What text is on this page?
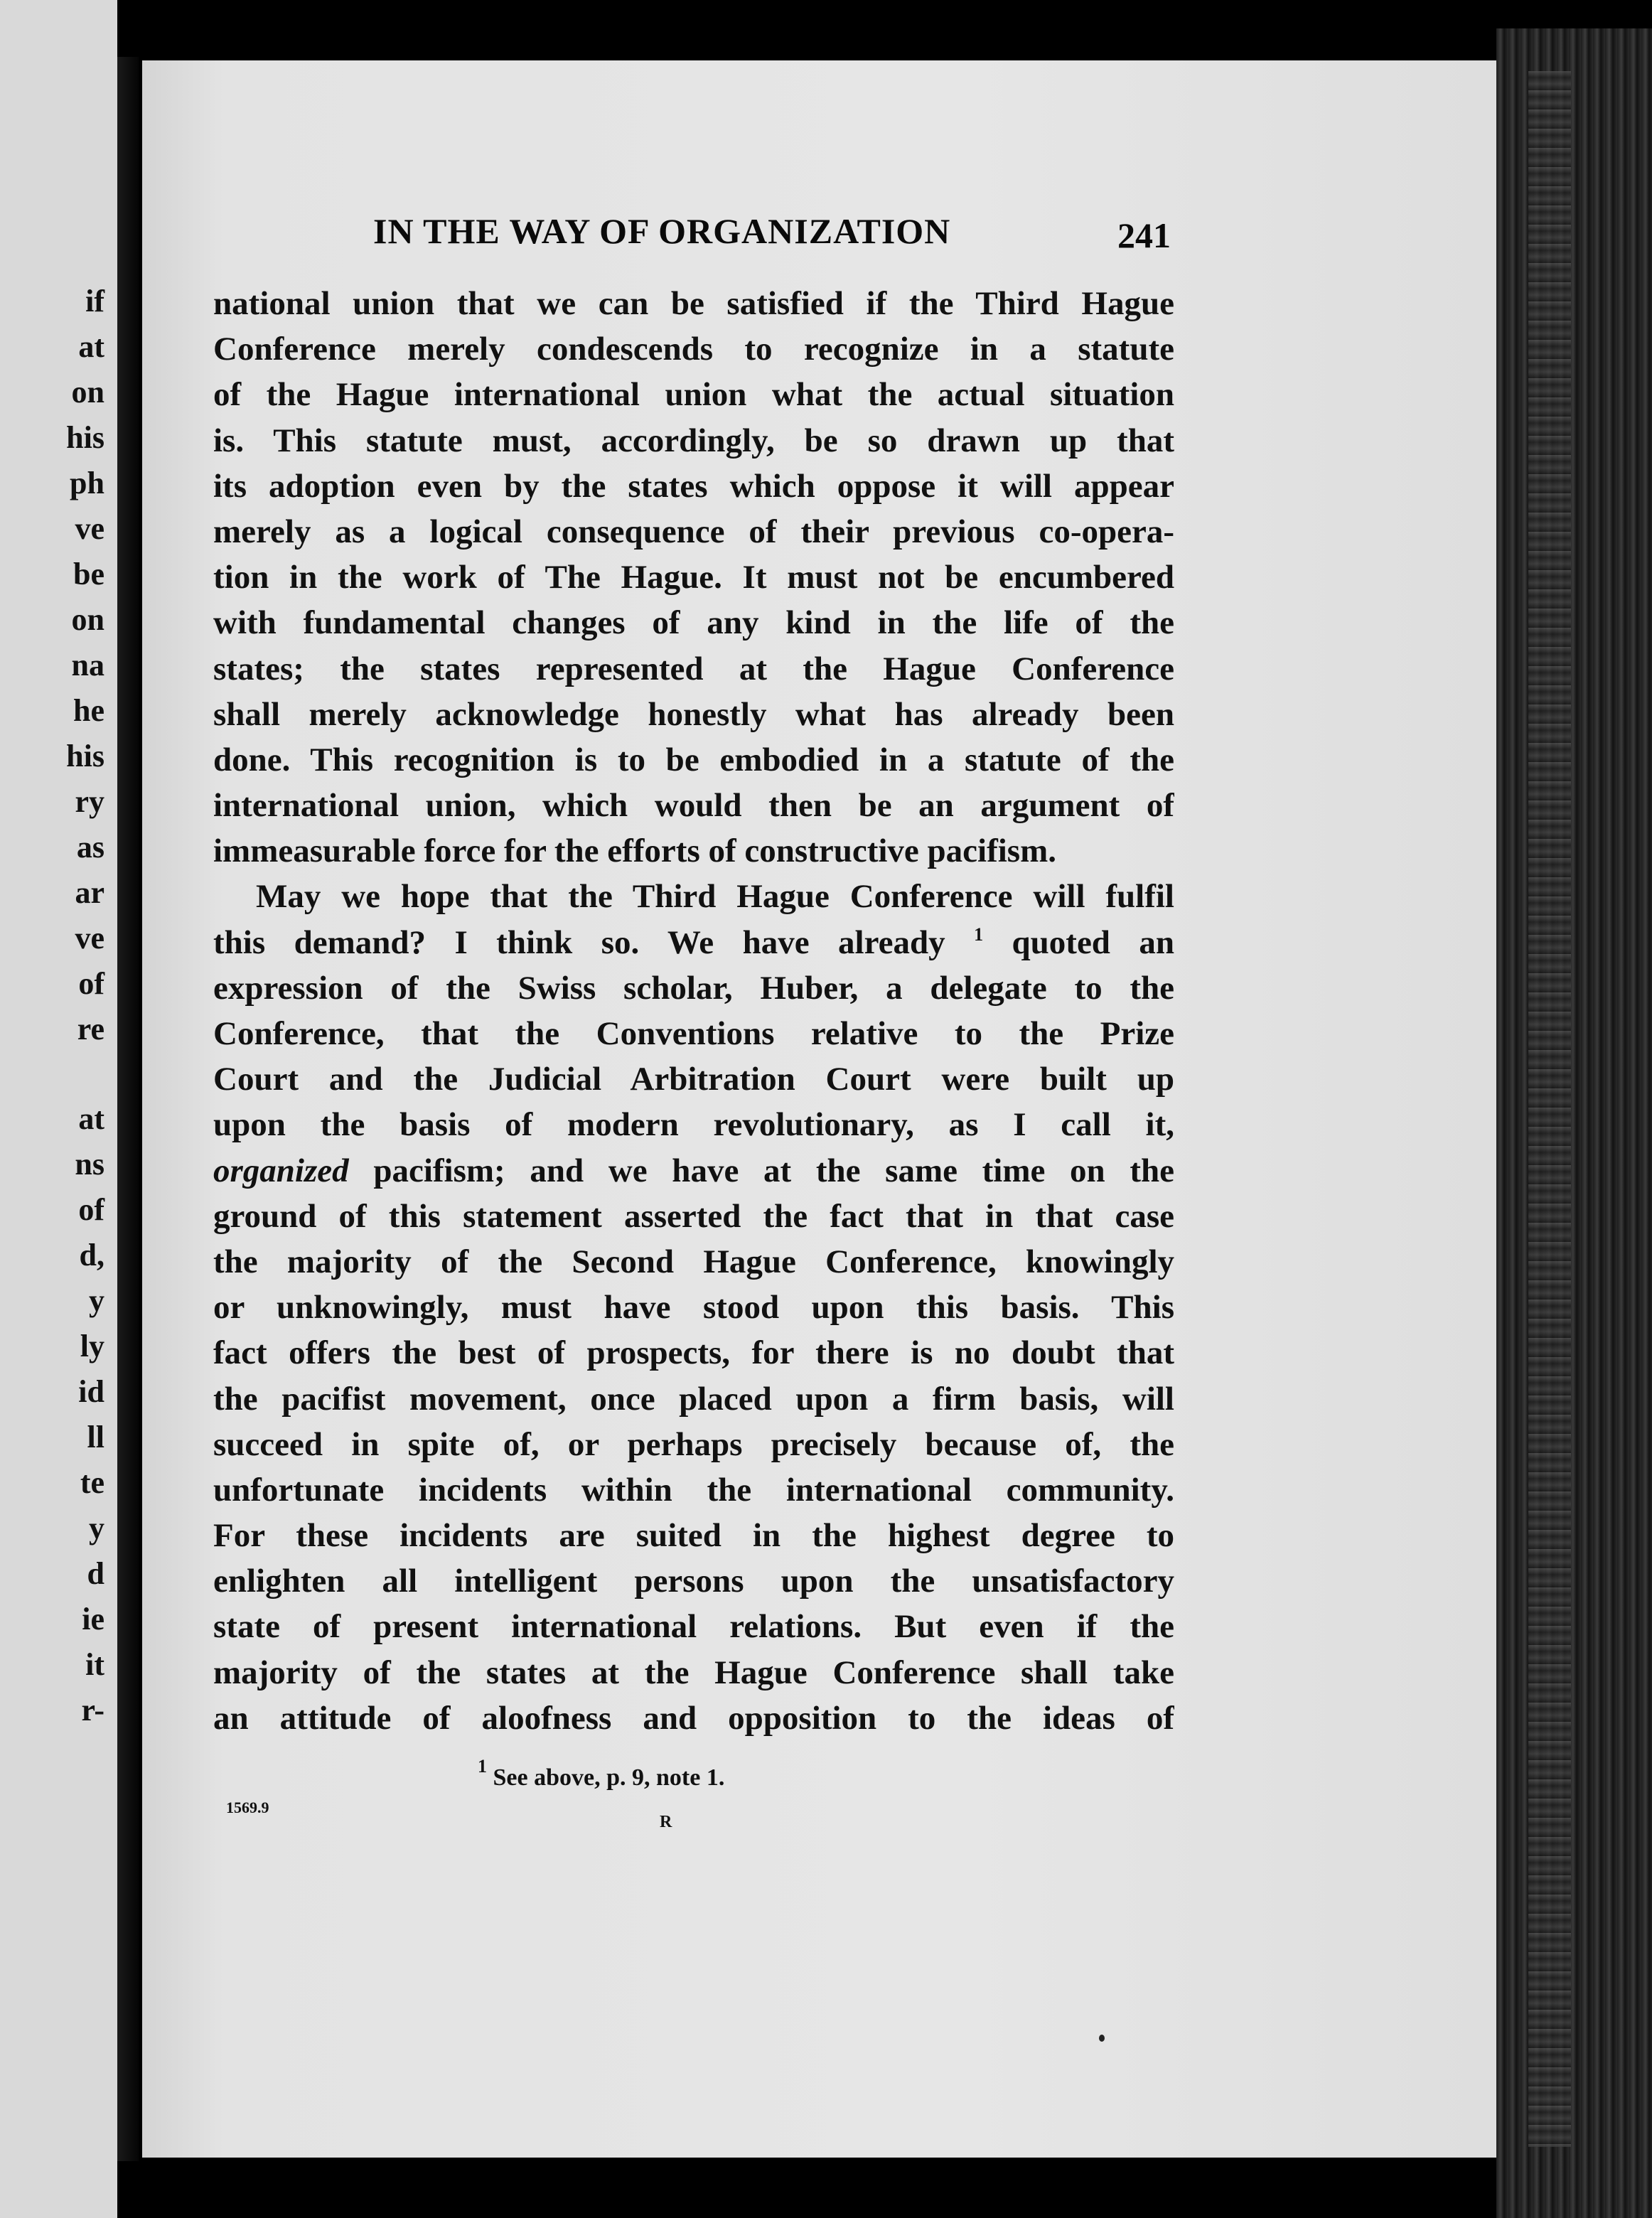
if
at
on
his
ph
ve
be
on
na
he
his
ry
as
ar
ve
of
re
at
ns
of
d,
y
ly
id
ll
te
y
d
ie
it
r-
IN THE WAY OF ORGANIZATION	241
national union that we can be satisfied if the Third Hague
Conference merely condescends to recognize in a statute
of the Hague international union what the actual situation
is. This statute must, accordingly, be so drawn up that
its adoption even by the states which oppose it will appear
merely as a logical consequence of their previous co-opera-
tion in the work of The Hague. It must not be encumbered
with fundamental changes of any kind in the life of the
states; the states represented at the Hague Conference
shall merely acknowledge honestly what has already been
done. This recognition is to be embodied in a statute of the
international union, which would then be an argument of
immeasurable force for the efforts of constructive pacifism.
May we hope that the Third Hague Conference will fulfil
this demand? I think so. We have already $^1$ quoted an
expression of the Swiss scholar, Huber, a delegate to the
Conference, that the Conventions relative to the Prize
Court and the Judicial Arbitration Court were built up
upon the basis of modern revolutionary, as I call it,
organized pacifism; and we have at the same time on the
ground of this statement asserted the fact that in that case
the majority of the Second Hague Conference, knowingly
or unknowingly, must have stood upon this basis. This
fact offers the best of prospects, for there is no doubt that
the pacifist movement, once placed upon a firm basis, will
succeed in spite of, or perhaps precisely because of, the
unfortunate incidents within the international community.
For these incidents are suited in the highest degree to
enlighten all intelligent persons upon the unsatisfactory
state of present international relations. But even if the
majority of the states at the Hague Conference shall take
an attitude of aloofness and opposition to the ideas of
$^1$ See above, p. 9, note 1.
1569.9
R
